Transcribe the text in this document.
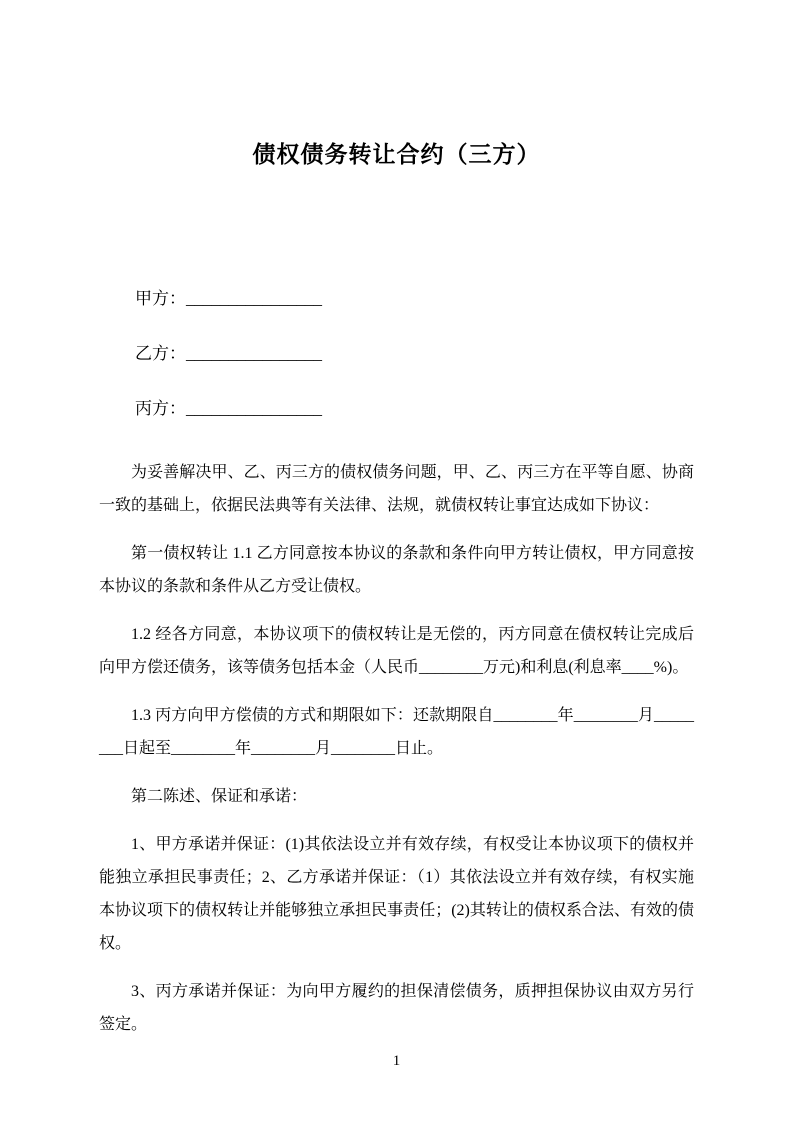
债权债务转让合约（三方）

甲方：________________

乙方：________________

丙方：________________

为妥善解决甲、乙、丙三方的债权债务问题，甲、乙、丙三方在平等自愿、协商一致的基础上，依据民法典等有关法律、法规，就债权转让事宜达成如下协议：

第一债权转让 1.1 乙方同意按本协议的条款和条件向甲方转让债权，甲方同意按本协议的条款和条件从乙方受让债权。

1.2 经各方同意，本协议项下的债权转让是无偿的，丙方同意在债权转让完成后向甲方偿还债务，该等债务包括本金（人民币________万元)和利息(利息率____%)。

1.3 丙方向甲方偿债的方式和期限如下：还款期限自________年________月________日起至________年________月________日止。

第二陈述、保证和承诺：

1、甲方承诺并保证：(1)其依法设立并有效存续，有权受让本协议项下的债权并能独立承担民事责任；2、乙方承诺并保证：（1）其依法设立并有效存续，有权实施本协议项下的债权转让并能够独立承担民事责任；(2)其转让的债权系合法、有效的债权。

3、丙方承诺并保证：为向甲方履约的担保清偿债务，质押担保协议由双方另行签定。

1
